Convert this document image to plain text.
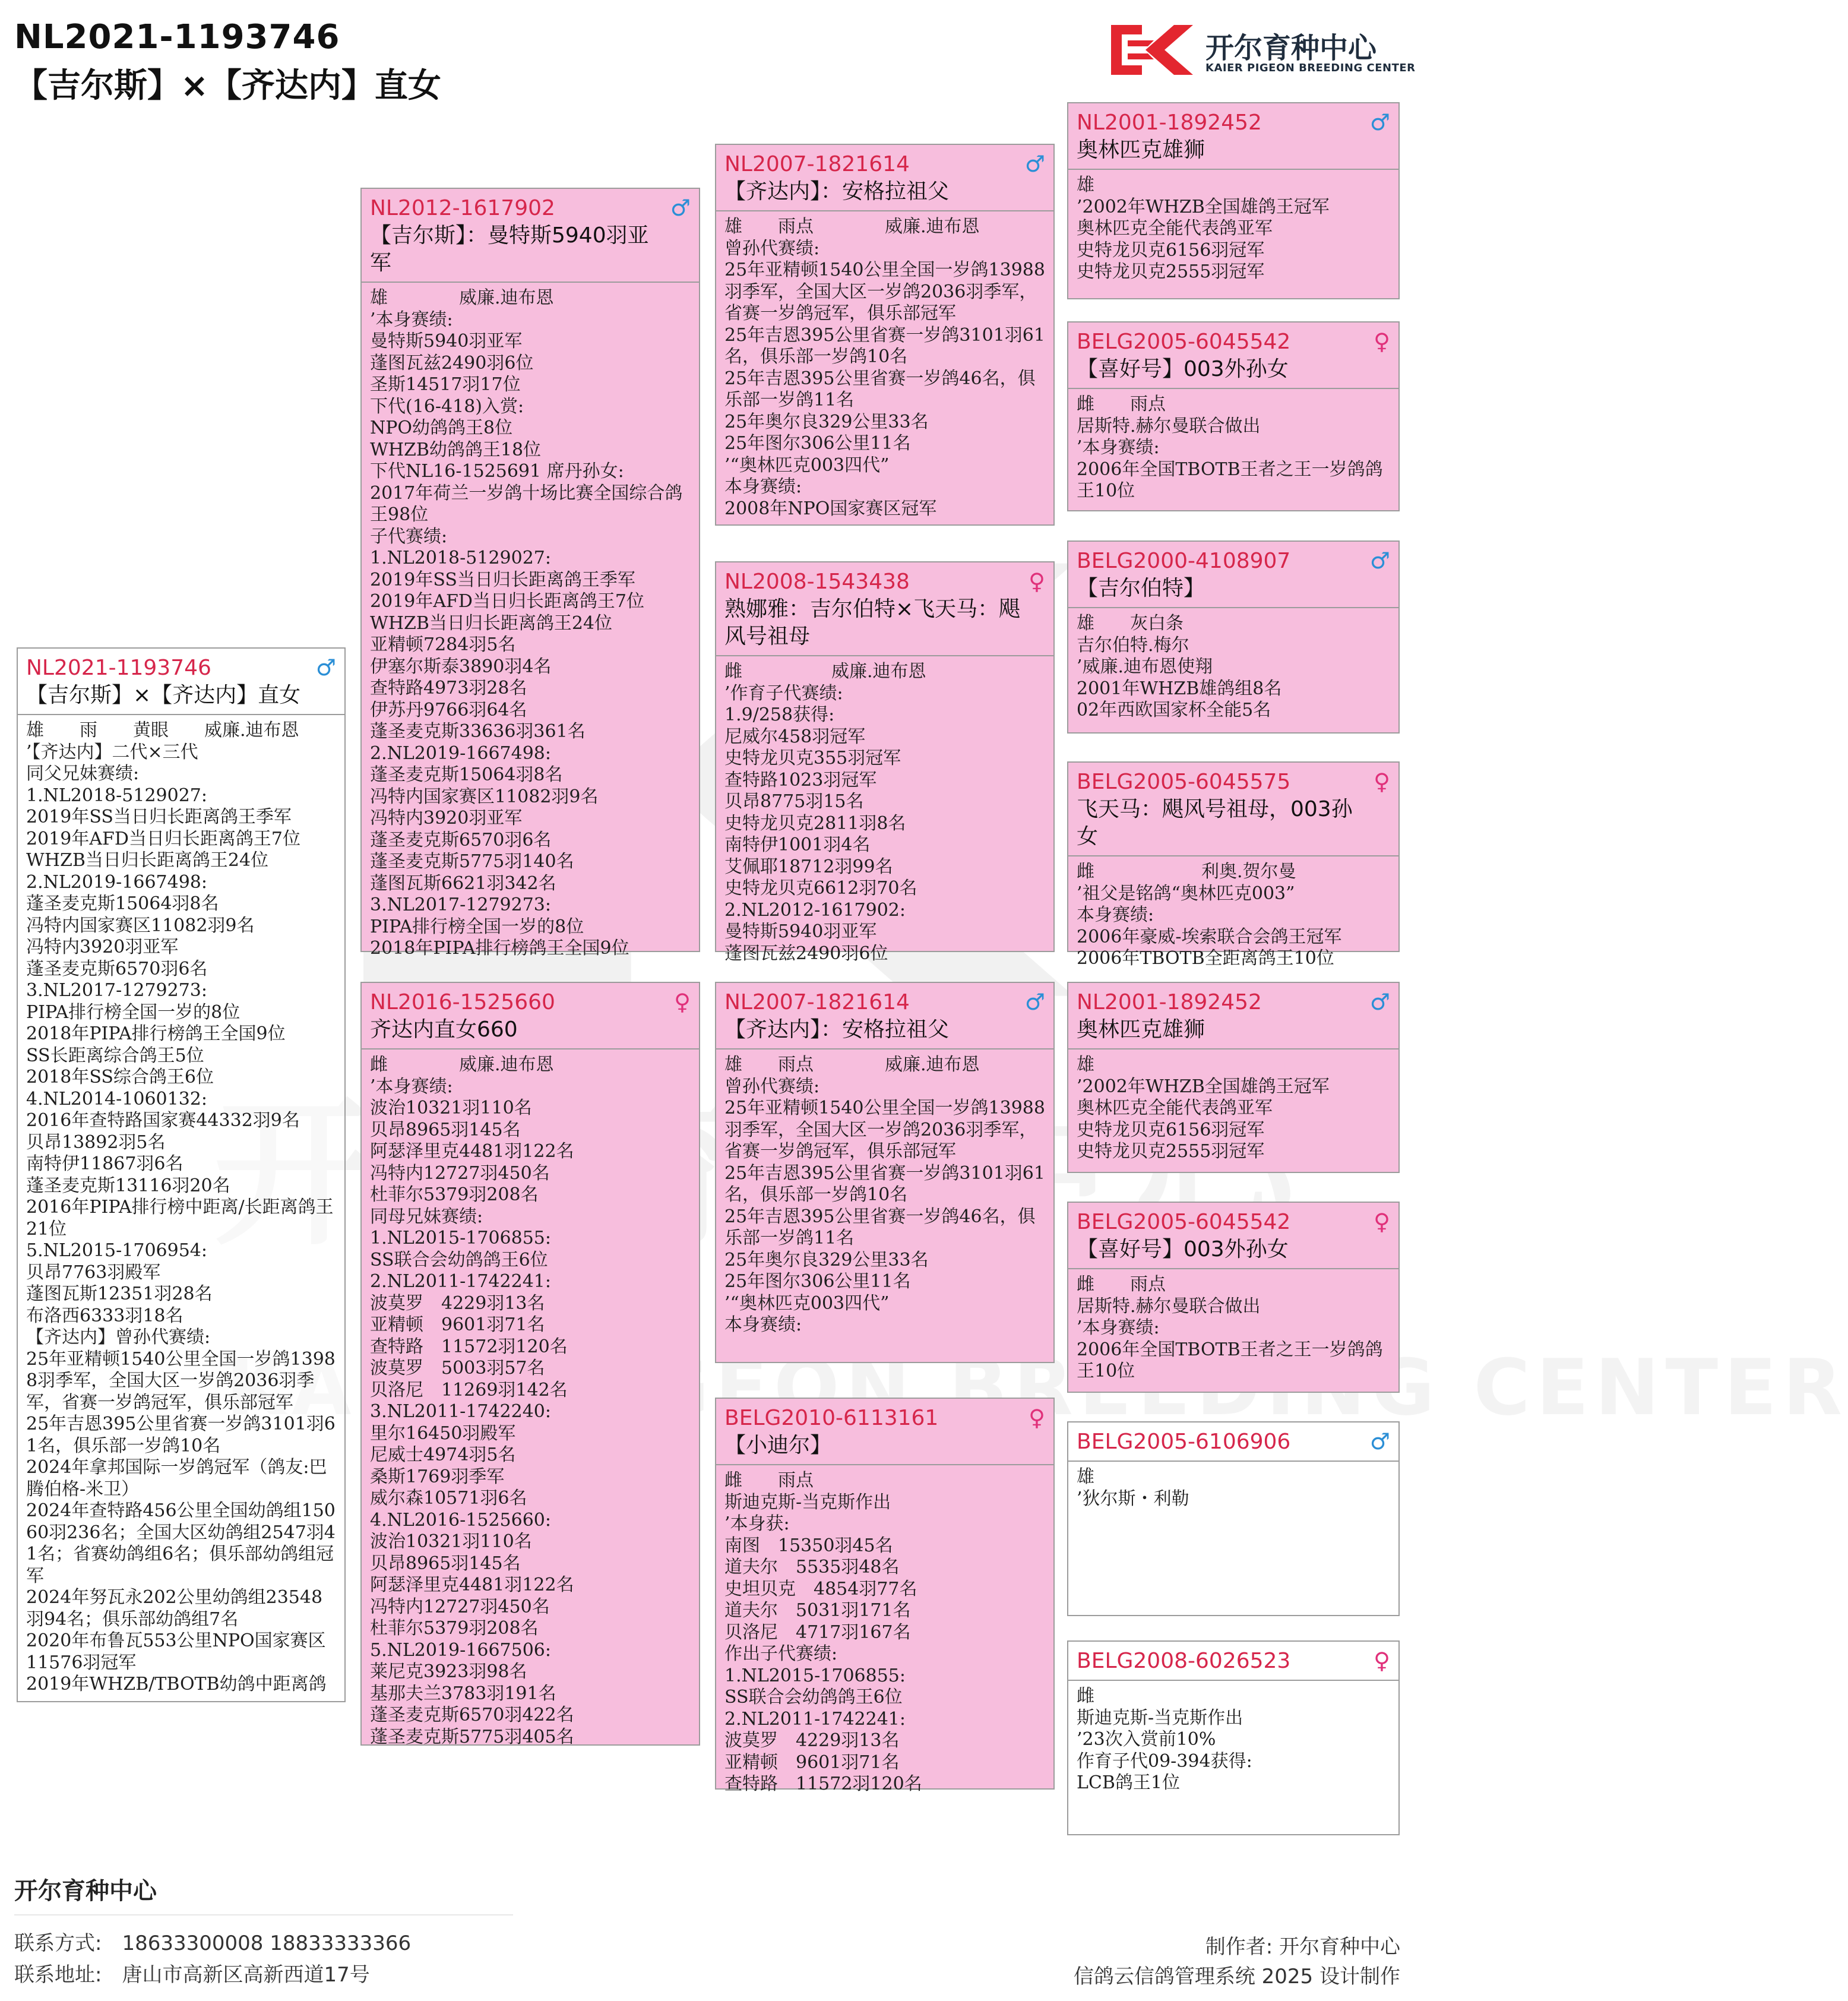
NL2021-1193746
【吉尔斯】×【齐达内】直女
开尔育种中心
KAIER PIGEON BREEDING CENTER
NL2021-1193746
【吉尔斯】×【齐达内】直女
♂
雄　　雨　　黄眼　　威廉.迪布恩
’【齐达内】二代×三代
同父兄妹赛绩:
1.NL2018-5129027:
2019年SS当日归长距离鸽王季军
2019年AFD当日归长距离鸽王7位
WHZB当日归长距离鸽王24位
2.NL2019-1667498:
蓬圣麦克斯15064羽8名
冯特内国家赛区11082羽9名
冯特内3920羽亚军
蓬圣麦克斯6570羽6名
3.NL2017-1279273:
PIPA排行榜全国一岁的8位
2018年PIPA排行榜鸽王全国9位
SS长距离综合鸽王5位
2018年SS综合鸽王6位
4.NL2014-1060132:
2016年查特路国家赛44332羽9名
贝昂13892羽5名
南特伊11867羽6名
蓬圣麦克斯13116羽20名
2016年PIPA排行榜中距离/长距离鸽王21位
5.NL2015-1706954:
贝昂7763羽殿军
蓬图瓦斯12351羽28名
布洛西6333羽18名
【齐达内】曾孙代赛绩:
25年亚精顿1540公里全国一岁鸽13988羽季军，全国大区一岁鸽2036羽季军，省赛一岁鸽冠军，俱乐部冠军
25年吉恩395公里省赛一岁鸽3101羽61名，俱乐部一岁鸽10名
2024年拿邦国际一岁鸽冠军（鸽友:巴腾伯格-米卫）
2024年查特路456公里全国幼鸽组15060羽236名；全国大区幼鸽组2547羽41名；省赛幼鸽组6名；俱乐部幼鸽组冠军
2024年努瓦永202公里幼鸽组23548羽94名；俱乐部幼鸽组7名
2020年布鲁瓦553公里NPO国家赛区11576羽冠军
2019年WHZB/TBOTB幼鸽中距离鸽
NL2012-1617902
【吉尔斯】：曼特斯5940羽亚军
♂
雄　　　　威廉.迪布恩
’本身赛绩:
曼特斯5940羽亚军
蓬图瓦兹2490羽6位
圣斯14517羽17位
下代(16-418)入赏:
NPO幼鸽鸽王8位
WHZB幼鸽鸽王18位
下代NL16-1525691 席丹孙女:
2017年荷兰一岁鸽十场比赛全国综合鸽王98位
子代赛绩:
1.NL2018-5129027:
2019年SS当日归长距离鸽王季军
2019年AFD当日归长距离鸽王7位
WHZB当日归长距离鸽王24位
亚精顿7284羽5名
伊塞尔斯泰3890羽4名
查特路4973羽28名
伊苏丹9766羽64名
蓬圣麦克斯33636羽361名
2.NL2019-1667498:
蓬圣麦克斯15064羽8名
冯特内国家赛区11082羽9名
冯特内3920羽亚军
蓬圣麦克斯6570羽6名
蓬圣麦克斯5775羽140名
蓬图瓦斯6621羽342名
3.NL2017-1279273:
PIPA排行榜全国一岁的8位
2018年PIPA排行榜鸽王全国9位
NL2016-1525660
齐达内直女660
♀
雌　　　　威廉.迪布恩
’本身赛绩:
波治10321羽110名
贝昂8965羽145名
阿瑟泽里克4481羽122名
冯特内12727羽450名
杜菲尔5379羽208名
同母兄妹赛绩:
1.NL2015-1706855:
SS联合会幼鸽鸽王6位
2.NL2011-1742241:
波莫罗　4229羽13名
亚精顿　9601羽71名
查特路　11572羽120名
波莫罗　5003羽57名
贝洛尼　11269羽142名
3.NL2011-1742240:
里尔16450羽殿军
尼威士4974羽5名
桑斯1769羽季军
威尔森10571羽6名
4.NL2016-1525660:
波治10321羽110名
贝昂8965羽145名
阿瑟泽里克4481羽122名
冯特内12727羽450名
杜菲尔5379羽208名
5.NL2019-1667506:
莱尼克3923羽98名
基那夫兰3783羽191名
蓬圣麦克斯6570羽422名
蓬圣麦克斯5775羽405名
NL2007-1821614
【齐达内】：安格拉祖父
♂
雄　　雨点　　　　威廉.迪布恩
曾孙代赛绩:
25年亚精顿1540公里全国一岁鸽13988羽季军，全国大区一岁鸽2036羽季军，省赛一岁鸽冠军，俱乐部冠军
25年吉恩395公里省赛一岁鸽3101羽61名，俱乐部一岁鸽10名
25年吉恩395公里省赛一岁鸽46名，俱乐部一岁鸽11名
25年奥尔良329公里33名
25年图尔306公里11名
’“奥林匹克003四代”
本身赛绩:
2008年NPO国家赛区冠军
NL2008-1543438
熟娜雅：吉尔伯特×飞天马：飓风号祖母
♀
雌　　　　　威廉.迪布恩
’作育子代赛绩:
1.9/258获得:
尼威尔458羽冠军
史特龙贝克355羽冠军
查特路1023羽冠军
贝昂8775羽15名
史特龙贝克2811羽8名
南特伊1001羽4名
艾佩耶18712羽99名
史特龙贝克6612羽70名
2.NL2012-1617902:
曼特斯5940羽亚军
蓬图瓦兹2490羽6位
NL2007-1821614
【齐达内】：安格拉祖父
♂
雄　　雨点　　　　威廉.迪布恩
曾孙代赛绩:
25年亚精顿1540公里全国一岁鸽13988羽季军，全国大区一岁鸽2036羽季军，省赛一岁鸽冠军，俱乐部冠军
25年吉恩395公里省赛一岁鸽3101羽61名，俱乐部一岁鸽10名
25年吉恩395公里省赛一岁鸽46名，俱乐部一岁鸽11名
25年奥尔良329公里33名
25年图尔306公里11名
’“奥林匹克003四代”
本身赛绩:
BELG2010-6113161
【小迪尔】
♀
雌　　雨点
斯迪克斯-当克斯作出
’本身获:
南图　15350羽45名
道夫尔　5535羽48名
史坦贝克　4854羽77名
道夫尔　5031羽171名
贝洛尼　4717羽167名
作出子代赛绩:
1.NL2015-1706855:
SS联合会幼鸽鸽王6位
2.NL2011-1742241:
波莫罗　4229羽13名
亚精顿　9601羽71名
查特路　11572羽120名
NL2001-1892452
奥林匹克雄狮
♂
雄
’2002年WHZB全国雄鸽王冠军
奥林匹克全能代表鸽亚军
史特龙贝克6156羽冠军
史特龙贝克2555羽冠军
BELG2005-6045542
【喜好号】003外孙女
♀
雌　　雨点
居斯特.赫尔曼联合做出
’本身赛绩:
2006年全国TBOTB王者之王一岁鸽鸽王10位
BELG2000-4108907
【吉尔伯特】
♂
雄　　灰白条
吉尔伯特.梅尔
’威廉.迪布恩使翔
2001年WHZB雄鸽组8名
02年西欧国家杯全能5名
BELG2005-6045575
飞天马：飓风号祖母，003孙女
♀
雌　　　　　　利奥.贺尔曼
’祖父是铭鸽“奥林匹克003”
本身赛绩:
2006年豪威-埃索联合会鸽王冠军
2006年TBOTB全距离鸽王10位
NL2001-1892452
奥林匹克雄狮
♂
雄
’2002年WHZB全国雄鸽王冠军
奥林匹克全能代表鸽亚军
史特龙贝克6156羽冠军
史特龙贝克2555羽冠军
BELG2005-6045542
【喜好号】003外孙女
♀
雌　　雨点
居斯特.赫尔曼联合做出
’本身赛绩:
2006年全国TBOTB王者之王一岁鸽鸽王10位
BELG2005-6106906	♂
雄
’狄尔斯・利勒
BELG2008-6026523	♀
雌
斯迪克斯-当克斯作出
’23次入赏前10%
作育子代09-394获得:
LCB鸽王1位
开尔育种中心
联系方式:　18633300008 18833333366
联系地址:　唐山市高新区高新西道17号
制作者: 开尔育种中心
信鸽云信鸽管理系统 2025 设计制作
